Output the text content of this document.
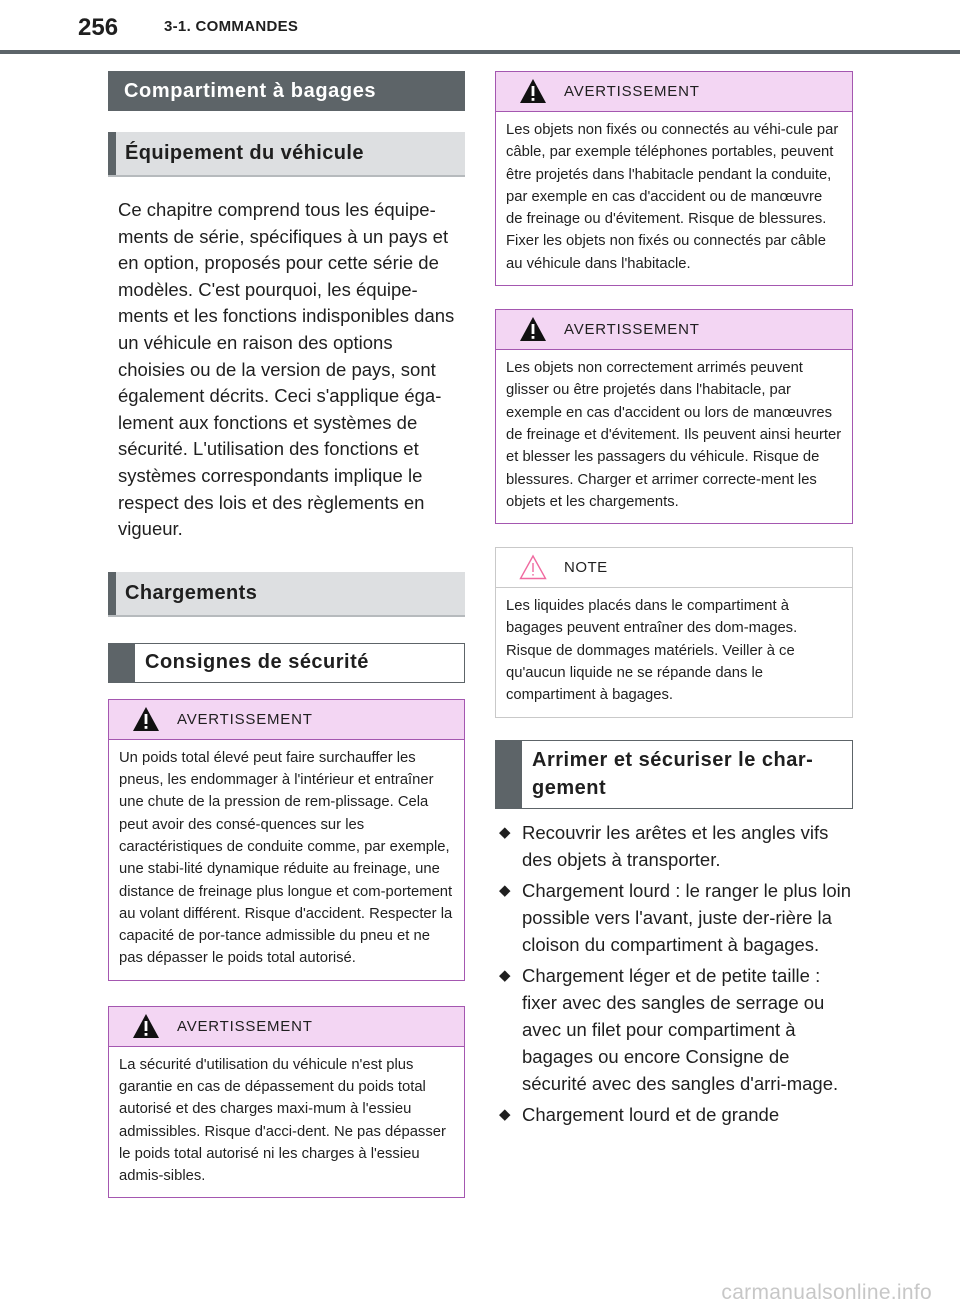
256	3-1. COMMANDES
Compartiment à bagages
Équipement du véhicule

Ce chapitre comprend tous les équipe-ments de série, spécifiques à un pays et en option, proposés pour cette série de modèles. C'est pourquoi, les équipe-ments et les fonctions indisponibles dans un véhicule en raison des options choisies ou de la version de pays, sont également décrits. Ceci s'applique éga-lement aux fonctions et systèmes de sécurité. L'utilisation des fonctions et systèmes correspondants implique le respect des lois et des règlements en vigueur.

Chargements
Consignes de sécurité
AVERTISSEMENT
Un poids total élevé peut faire surchauffer les pneus, les endommager à l'intérieur et entraîner une chute de la pression de rem-plissage. Cela peut avoir des consé-quences sur les caractéristiques de conduite comme, par exemple, une stabi-lité dynamique réduite au freinage, une distance de freinage plus longue et com-portement au volant différent. Risque d'accident. Respecter la capacité de por-tance admissible du pneu et ne pas dépasser le poids total autorisé.
AVERTISSEMENT
La sécurité d'utilisation du véhicule n'est plus garantie en cas de dépassement du poids total autorisé et des charges maxi-mum à l'essieu admissibles. Risque d'acci-dent. Ne pas dépasser le poids total autorisé ni les charges à l'essieu admis-sibles.
AVERTISSEMENT
Les objets non fixés ou connectés au véhi-cule par câble, par exemple téléphones portables, peuvent être projetés dans l'habitacle pendant la conduite, par exemple en cas d'accident ou de manœuvre de freinage ou d'évitement. Risque de blessures. Fixer les objets non fixés ou connectés par câble au véhicule dans l'habitacle.
AVERTISSEMENT
Les objets non correctement arrimés peuvent glisser ou être projetés dans l'habitacle, par exemple en cas d'accident ou lors de manœuvres de freinage et d'évitement. Ils peuvent ainsi heurter et blesser les passagers du véhicule. Risque de blessures. Charger et arrimer correcte-ment les objets et les chargements.
NOTE
Les liquides placés dans le compartiment à bagages peuvent entraîner des dom-mages. Risque de dommages matériels. Veiller à ce qu'aucun liquide ne se répande dans le compartiment à bagages.
Arrimer et sécuriser le char-gement
◆ Recouvrir les arêtes et les angles vifs des objets à transporter.
◆ Chargement lourd : le ranger le plus loin possible vers l'avant, juste der-rière la cloison du compartiment à bagages.
◆ Chargement léger et de petite taille : fixer avec des sangles de serrage ou avec un filet pour compartiment à bagages ou encore Consigne de sécurité avec des sangles d'arri-mage.
◆ Chargement lourd et de grande
carmanualsonline.info
